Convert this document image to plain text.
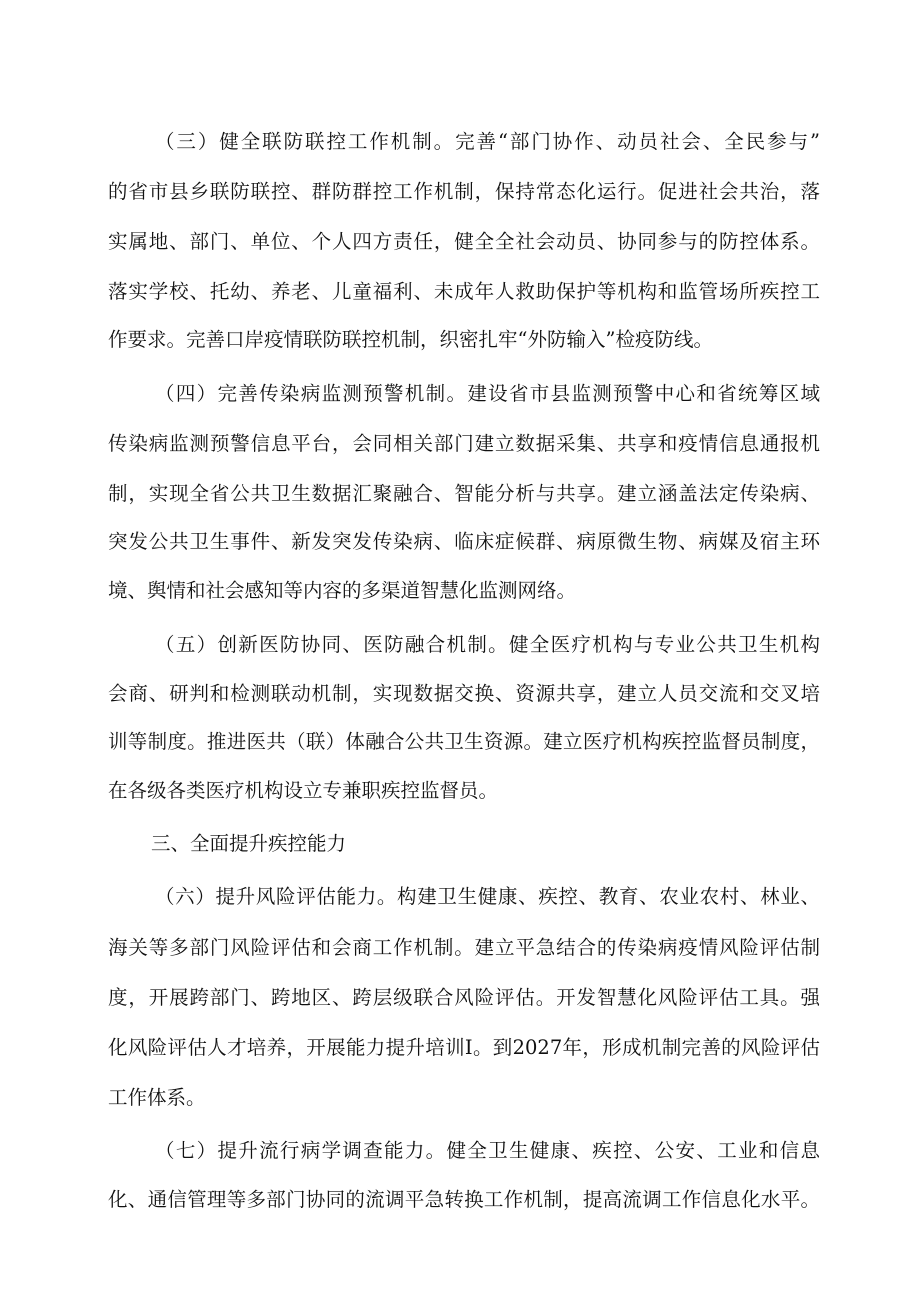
（三）健全联防联控工作机制。完善“部门协作、动员社会、全民参与”
的省市县乡联防联控、群防群控工作机制，保持常态化运行。促进社会共治，落
实属地、部门、单位、个人四方责任，健全全社会动员、协同参与的防控体系。
落实学校、托幼、养老、儿童福利、未成年人救助保护等机构和监管场所疾控工
作要求。完善口岸疫情联防联控机制，织密扎牢“外防输入”检疫防线。
（四）完善传染病监测预警机制。建设省市县监测预警中心和省统筹区域
传染病监测预警信息平台，会同相关部门建立数据采集、共享和疫情信息通报机
制，实现全省公共卫生数据汇聚融合、智能分析与共享。建立涵盖法定传染病、
突发公共卫生事件、新发突发传染病、临床症候群、病原微生物、病媒及宿主环
境、舆情和社会感知等内容的多渠道智慧化监测网络。
（五）创新医防协同、医防融合机制。健全医疗机构与专业公共卫生机构
会商、研判和检测联动机制，实现数据交换、资源共享，建立人员交流和交叉培
训等制度。推进医共（联）体融合公共卫生资源。建立医疗机构疾控监督员制度，
在各级各类医疗机构设立专兼职疾控监督员。
三、全面提升疾控能力
（六）提升风险评估能力。构建卫生健康、疾控、教育、农业农村、林业、
海关等多部门风险评估和会商工作机制。建立平急结合的传染病疫情风险评估制
度，开展跨部门、跨地区、跨层级联合风险评估。开发智慧化风险评估工具。强
化风险评估人才培养，开展能力提升培训I。到2027年，形成机制完善的风险评估
工作体系。
（七）提升流行病学调查能力。健全卫生健康、疾控、公安、工业和信息
化、通信管理等多部门协同的流调平急转换工作机制，提高流调工作信息化水平。
